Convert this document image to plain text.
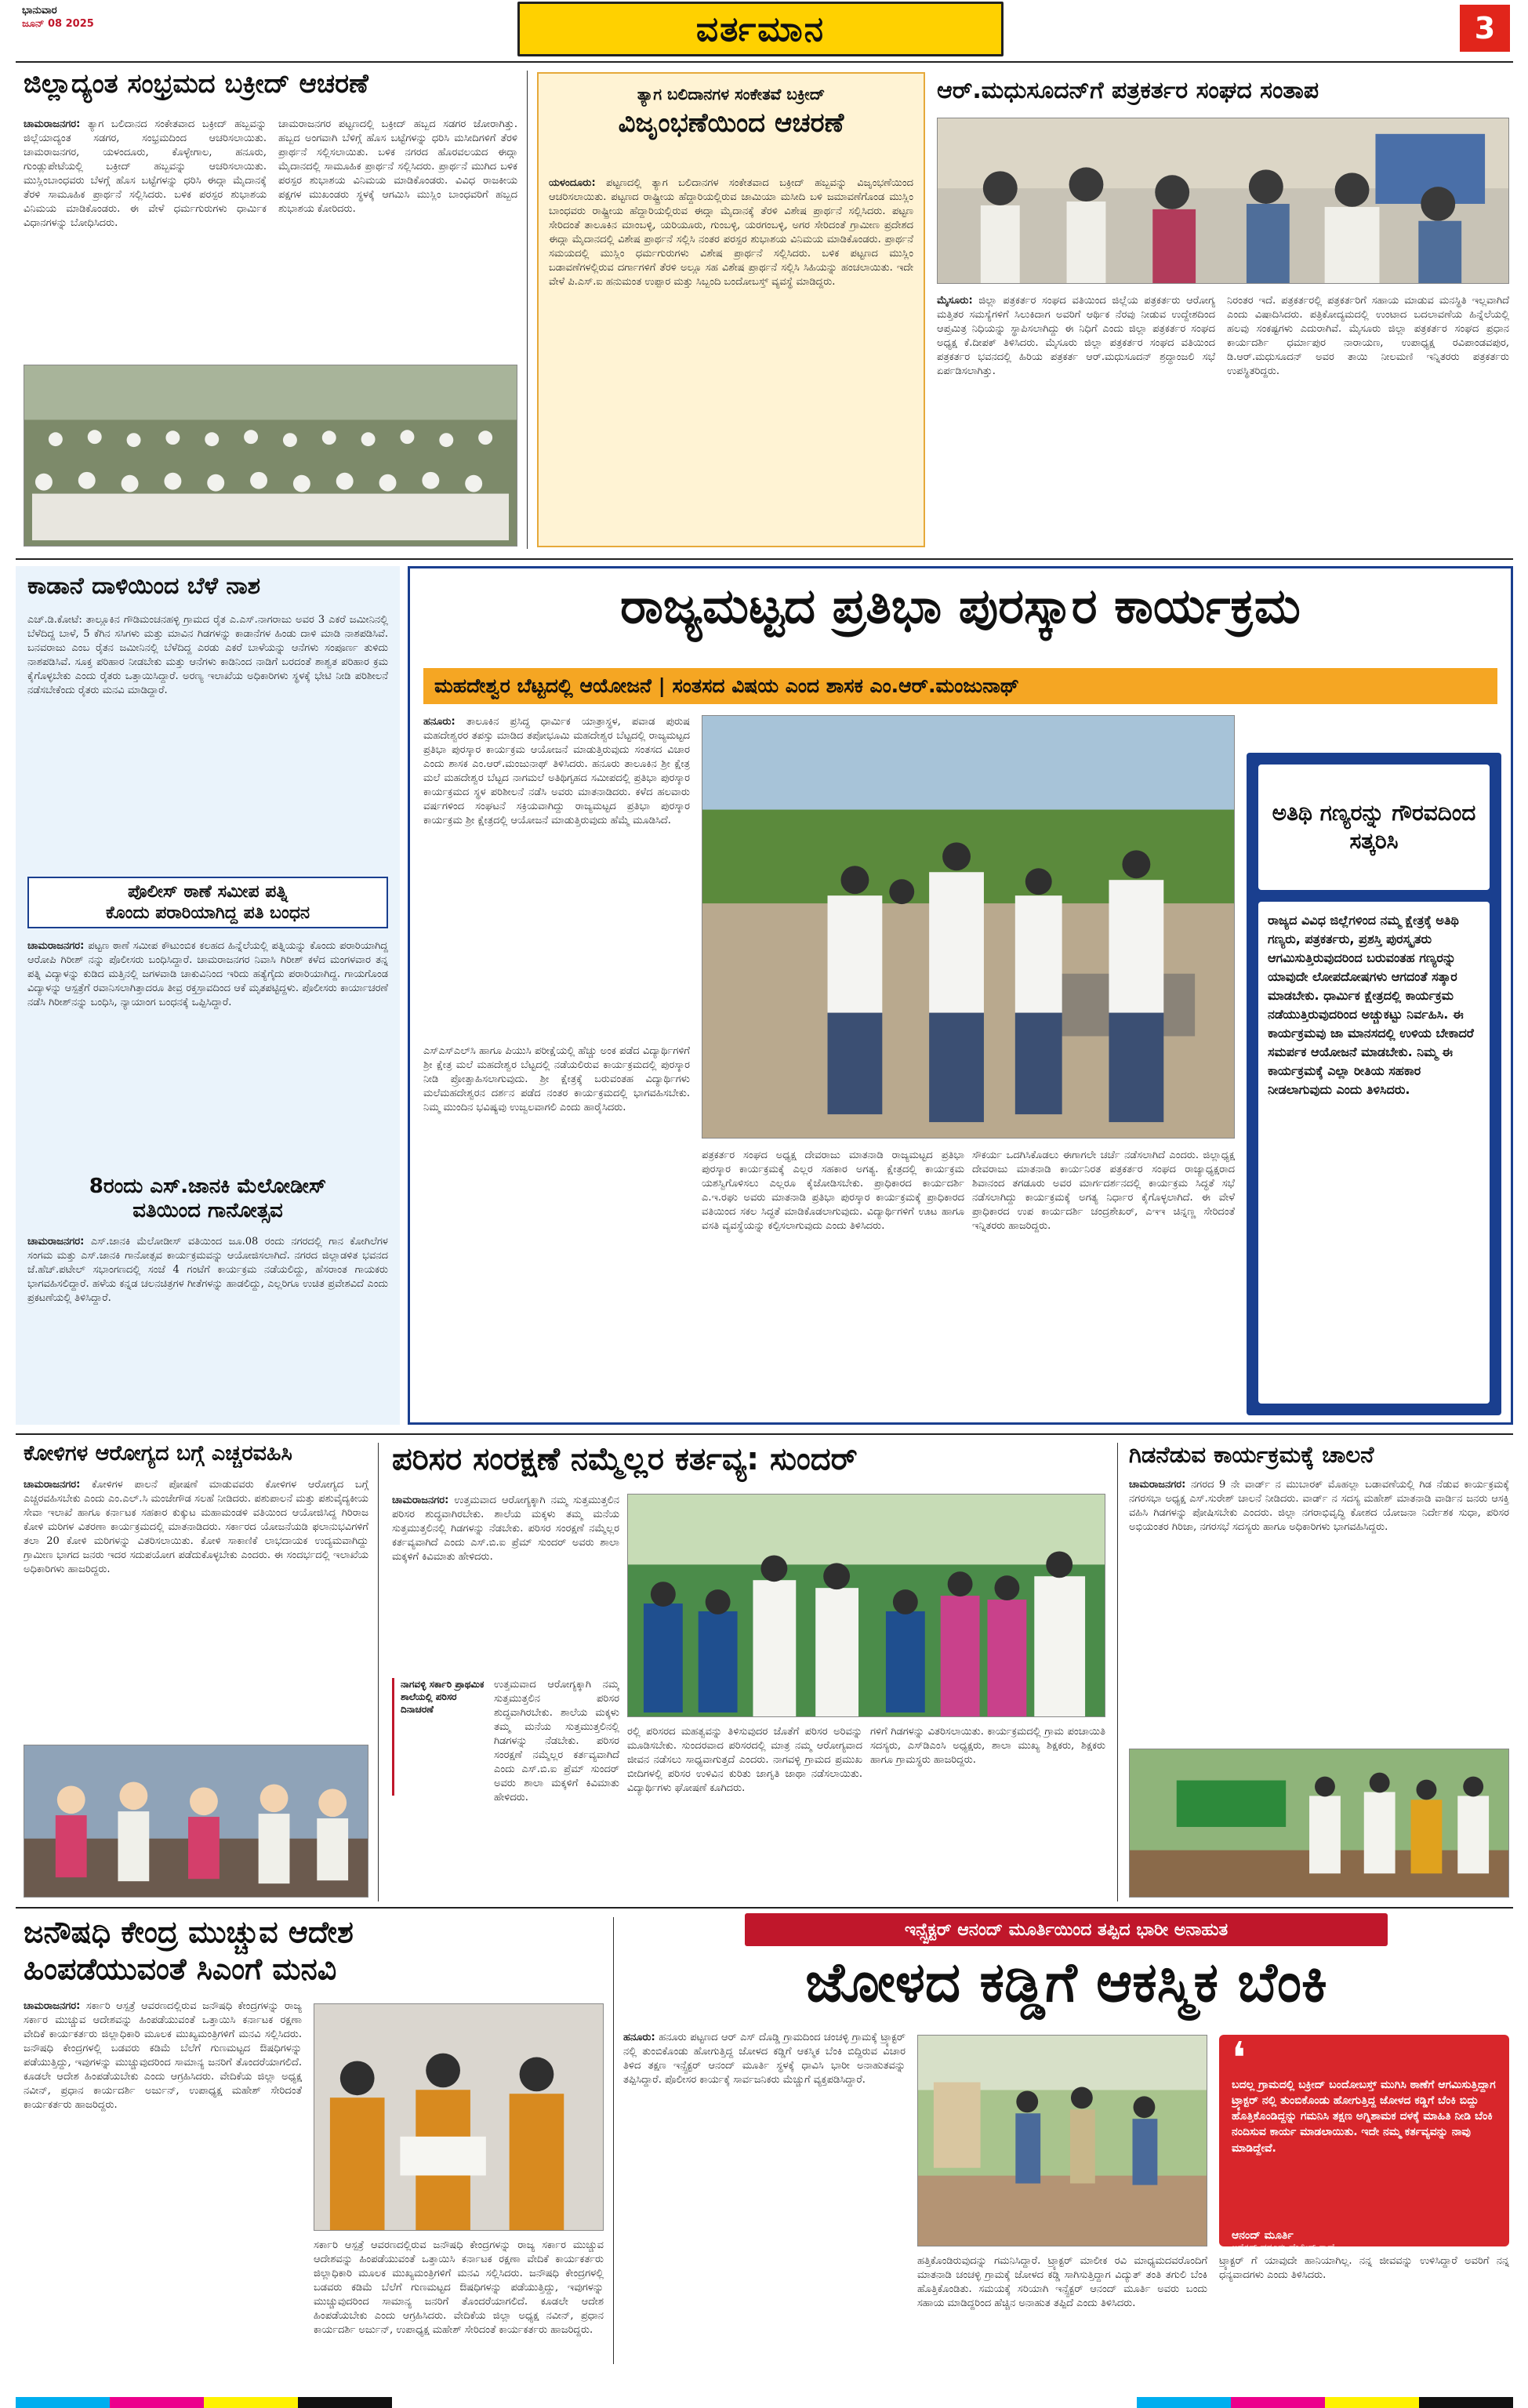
ಭಾನುವಾರ
ಜೂನ್ 08 2025	ವರ್ತಮಾನ	3
ಜಿಲ್ಲಾದ್ಯಂತ ಸಂಭ್ರಮದ ಬಕ್ರೀದ್ ಆಚರಣೆ

ಚಾಮರಾಜನಗರ: ತ್ಯಾಗ ಬಲಿದಾನದ ಸಂಕೇತವಾದ ಬಕ್ರೀದ್ ಹಬ್ಬವನ್ನು ಜಿಲ್ಲೆಯಾದ್ಯಂತ ಸಡಗರ, ಸಂಭ್ರಮದಿಂದ ಆಚರಿಸಲಾಯಿತು. ಚಾಮರಾಜನಗರ, ಯಳಂದೂರು, ಕೊಳ್ಳೇಗಾಲ, ಹನೂರು, ಗುಂಡ್ಲುಪೇಟೆಯಲ್ಲಿ ಬಕ್ರೀದ್ ಹಬ್ಬವನ್ನು ಆಚರಿಸಲಾಯಿತು. ಮುಸ್ಲಿಂಬಾಂಧವರು ಬೆಳಗ್ಗೆ ಹೊಸ ಬಟ್ಟೆಗಳನ್ನು ಧರಿಸಿ ಈದ್ಗಾ ಮೈದಾನಕ್ಕೆ ತೆರಳಿ ಸಾಮೂಹಿಕ ಪ್ರಾರ್ಥನೆ ಸಲ್ಲಿಸಿದರು. ಬಳಿಕ ಪರಸ್ಪರ ಶುಭಾಶಯ ವಿನಿಮಯ ಮಾಡಿಕೊಂಡರು. ಈ ವೇಳೆ ಧರ್ಮಗುರುಗಳು ಧಾರ್ಮಿಕ ವಿಧಾನಗಳನ್ನು ಬೋಧಿಸಿದರು.

ಚಾಮರಾಜನಗರ ಪಟ್ಟಣದಲ್ಲಿ ಬಕ್ರೀದ್ ಹಬ್ಬದ ಸಡಗರ ಜೋರಾಗಿತ್ತು. ಹಬ್ಬದ ಅಂಗವಾಗಿ ಬೆಳಿಗ್ಗೆ ಹೊಸ ಬಟ್ಟೆಗಳನ್ನು ಧರಿಸಿ ಮಸೀದಿಗಳಿಗೆ ತೆರಳಿ ಪ್ರಾರ್ಥನೆ ಸಲ್ಲಿಸಲಾಯಿತು. ಬಳಿಕ ನಗರದ ಹೊರವಲಯದ ಈದ್ಗಾ ಮೈದಾನದಲ್ಲಿ ಸಾಮೂಹಿಕ ಪ್ರಾರ್ಥನೆ ಸಲ್ಲಿಸಿದರು. ಪ್ರಾರ್ಥನೆ ಮುಗಿದ ಬಳಿಕ ಪರಸ್ಪರ ಶುಭಾಶಯ ವಿನಿಮಯ ಮಾಡಿಕೊಂಡರು. ವಿವಿಧ ರಾಜಕೀಯ ಪಕ್ಷಗಳ ಮುಖಂಡರು ಸ್ಥಳಕ್ಕೆ ಆಗಮಿಸಿ ಮುಸ್ಲಿಂ ಬಾಂಧವರಿಗೆ ಹಬ್ಬದ ಶುಭಾಶಯ ಕೋರಿದರು.

ತ್ಯಾಗ ಬಲಿದಾನಗಳ ಸಂಕೇತವೆ ಬಕ್ರೀದ್
ವಿಜೃಂಭಣೆಯಿಂದ ಆಚರಣೆ

ಯಳಂದೂರು: ಪಟ್ಟಣದಲ್ಲಿ ತ್ಯಾಗ ಬಲಿದಾನಗಳ ಸಂಕೇತವಾದ ಬಕ್ರೀದ್ ಹಬ್ಬವನ್ನು ವಿಜೃಂಭಣೆಯಿಂದ ಆಚರಿಸಲಾಯಿತು. ಪಟ್ಟಣದ ರಾಷ್ಟ್ರೀಯ ಹೆದ್ದಾರಿಯಲ್ಲಿರುವ ಜಾಮಿಯಾ ಮಸೀದಿ ಬಳಿ ಜಮಾವಣೆಗೊಂಡ ಮುಸ್ಲಿಂ ಬಾಂಧವರು ರಾಷ್ಟ್ರೀಯ ಹೆದ್ದಾರಿಯಲ್ಲಿರುವ ಈದ್ಗಾ ಮೈದಾನಕ್ಕೆ ತೆರಳಿ ವಿಶೇಷ ಪ್ರಾರ್ಥನೆ ಸಲ್ಲಿಸಿದರು. ಪಟ್ಟಣ ಸೇರಿದಂತೆ ತಾಲೂಕಿನ ಮಾಂಬಳ್ಳಿ, ಯರಿಯೂರು, ಗುಂಬಳ್ಳಿ, ಯರಗಂಬಳ್ಳಿ, ಅಗರ ಸೇರಿದಂತೆ ಗ್ರಾಮೀಣ ಪ್ರದೇಶದ ಈದ್ಗಾ ಮೈದಾನದಲ್ಲಿ ವಿಶೇಷ ಪ್ರಾರ್ಥನೆ ಸಲ್ಲಿಸಿ ನಂತರ ಪರಸ್ಪರ ಶುಭಾಶಯ ವಿನಿಮಯ ಮಾಡಿಕೊಂಡರು. ಪ್ರಾರ್ಥನೆ ಸಮಯದಲ್ಲಿ ಮುಸ್ಲಿಂ ಧರ್ಮಗುರುಗಳು ವಿಶೇಷ ಪ್ರಾರ್ಥನೆ ಸಲ್ಲಿಸಿದರು. ಬಳಿಕ ಪಟ್ಟಣದ ಮುಸ್ಲಿಂ ಬಡಾವಣೆಗಳಲ್ಲಿರುವ ದರ್ಗಾಗಳಿಗೆ ತೆರಳಿ ಅಲ್ಲೂ ಸಹ ವಿಶೇಷ ಪ್ರಾರ್ಥನೆ ಸಲ್ಲಿಸಿ ಸಿಹಿಯನ್ನು ಹಂಚಲಾಯಿತು. ಇದೇ ವೇಳೆ ಪಿ.ಎಸ್.ಐ ಹನುಮಂತ ಉಪ್ಪಾರ ಮತ್ತು ಸಿಬ್ಬಂದಿ ಬಂದೋಬಸ್ತ್ ವ್ಯವಸ್ಥೆ ಮಾಡಿದ್ದರು.

ಆರ್.ಮಧುಸೂದನ್‌ಗೆ ಪತ್ರಕರ್ತರ ಸಂಘದ ಸಂತಾಪ

ಮೈಸೂರು: ಜಿಲ್ಲಾ ಪತ್ರಕರ್ತರ ಸಂಘದ ವತಿಯಿಂದ ಜಿಲ್ಲೆಯ ಪತ್ರಕರ್ತರು ಆರೋಗ್ಯ ಮತ್ತಿತರ ಸಮಸ್ಯೆಗಳಿಗೆ ಸಿಲುಕಿದಾಗ ಅವರಿಗೆ ಆರ್ಥಿಕ ನೆರವು ನೀಡುವ ಉದ್ದೇಶದಿಂದ ಆಪ್ತಮಿತ್ರ ನಿಧಿಯನ್ನು ಸ್ಥಾಪಿಸಲಾಗಿದ್ದು ಈ ನಿಧಿಗೆ ಎಂದು ಜಿಲ್ಲಾ ಪತ್ರಕರ್ತರ ಸಂಘದ ಅಧ್ಯಕ್ಷ ಕೆ.ದೀಪಕ್ ತಿಳಿಸಿದರು. ಮೈಸೂರು ಜಿಲ್ಲಾ ಪತ್ರಕರ್ತರ ಸಂಘದ ವತಿಯಿಂದ ಪತ್ರಕರ್ತರ ಭವನದಲ್ಲಿ ಹಿರಿಯ ಪತ್ರಕರ್ತ ಆರ್.ಮಧುಸೂದನ್ ಶ್ರದ್ಧಾಂಜಲಿ ಸಭೆ ಏರ್ಪಡಿಸಲಾಗಿತ್ತು.

ನಿರಂತರ ಇದೆ. ಪತ್ರಕರ್ತರಲ್ಲಿ ಪತ್ರಕರ್ತರಿಗೆ ಸಹಾಯ ಮಾಡುವ ಮನಸ್ಥಿತಿ ಇಲ್ಲವಾಗಿದೆ ಎಂದು ವಿಷಾದಿಸಿದರು. ಪತ್ರಿಕೋದ್ಯಮದಲ್ಲಿ ಉಂಟಾದ ಬದಲಾವಣೆಯ ಹಿನ್ನೆಲೆಯಲ್ಲಿ ಹಲವು ಸಂಕಷ್ಟಗಳು ಎದುರಾಗಿವೆ. ಮೈಸೂರು ಜಿಲ್ಲಾ ಪತ್ರಕರ್ತರ ಸಂಘದ ಪ್ರಧಾನ ಕಾರ್ಯದರ್ಶಿ ಧರ್ಮಾಪುರ ನಾರಾಯಣ, ಉಪಾಧ್ಯಕ್ಷ ರವಿಪಾಂಡವಪುರ, ಡಿ.ಆರ್.ಮಧುಸೂದನ್ ಅವರ ತಾಯಿ ನೀಲಮಣಿ ಇನ್ನಿತರರು ಪತ್ರಕರ್ತರು ಉಪಸ್ಥಿತರಿದ್ದರು.

ಕಾಡಾನೆ ದಾಳಿಯಿಂದ ಬೆಳೆ ನಾಶ

ಎಚ್.ಡಿ.ಕೋಟೆ: ತಾಲ್ಲೂಕಿನ ಗೌಡಿಮಂಚನಹಳ್ಳಿ ಗ್ರಾಮದ ರೈತ ಎ.ಎಸ್.ನಾಗರಾಜು ಅವರ 3 ಎಕರೆ ಜಮೀನಿನಲ್ಲಿ ಬೆಳೆದಿದ್ದ ಬಾಳೆ, 5 ಕೆಗಿನ ಸಸಿಗಳು ಮತ್ತು ಮಾವಿನ ಗಿಡಗಳನ್ನು ಕಾಡಾನೆಗಳ ಹಿಂಡು ದಾಳಿ ಮಾಡಿ ನಾಶಪಡಿಸಿವೆ. ಬನವರಾಜು ಎಂಬ ರೈತನ ಜಮೀನಿನಲ್ಲಿ ಬೆಳೆದಿದ್ದ ಎರಡು ಎಕರೆ ಬಾಳೆಯನ್ನು ಆನೆಗಳು ಸಂಪೂರ್ಣ ತುಳಿದು ನಾಶಪಡಿಸಿವೆ. ಸೂಕ್ತ ಪರಿಹಾರ ನೀಡಬೇಕು ಮತ್ತು ಆನೆಗಳು ಕಾಡಿನಿಂದ ನಾಡಿಗೆ ಬರದಂತೆ ಶಾಶ್ವತ ಪರಿಹಾರ ಕ್ರಮ ಕೈಗೊಳ್ಳಬೇಕು ಎಂದು ರೈತರು ಒತ್ತಾಯಿಸಿದ್ದಾರೆ. ಅರಣ್ಯ ಇಲಾಖೆಯ ಅಧಿಕಾರಿಗಳು ಸ್ಥಳಕ್ಕೆ ಭೇಟಿ ನೀಡಿ ಪರಿಶೀಲನೆ ನಡೆಸಬೇಕೆಂದು ರೈತರು ಮನವಿ ಮಾಡಿದ್ದಾರೆ.

ಪೊಲೀಸ್ ಠಾಣೆ ಸಮೀಪ ಪತ್ನಿ
ಕೊಂದು ಪರಾರಿಯಾಗಿದ್ದ ಪತಿ ಬಂಧನ

ಚಾಮರಾಜನಗರ: ಪಟ್ಟಣ ಠಾಣೆ ಸಮೀಪ ಕೌಟುಂಬಿಕ ಕಲಹದ ಹಿನ್ನೆಲೆಯಲ್ಲಿ ಪತ್ನಿಯನ್ನು ಕೊಂದು ಪರಾರಿಯಾಗಿದ್ದ ಆರೋಪಿ ಗಿರೀಶ್ ನನ್ನು ಪೊಲೀಸರು ಬಂಧಿಸಿದ್ದಾರೆ. ಚಾಮರಾಜನಗರ ನಿವಾಸಿ ಗಿರೀಶ್ ಕಳೆದ ಮಂಗಳವಾರ ತನ್ನ ಪತ್ನಿ ವಿದ್ಯಾಳನ್ನು ಕುಡಿದ ಮತ್ತಿನಲ್ಲಿ ಜಗಳವಾಡಿ ಚಾಕುವಿನಿಂದ ಇರಿದು ಹತ್ಯೆಗೈದು ಪರಾರಿಯಾಗಿದ್ದ. ಗಾಯಗೊಂಡ ವಿದ್ಯಾಳನ್ನು ಆಸ್ಪತ್ರೆಗೆ ರವಾನಿಸಲಾಗಿತ್ತಾದರೂ ತೀವ್ರ ರಕ್ತಸ್ರಾವದಿಂದ ಆಕೆ ಮೃತಪಟ್ಟಿದ್ದಳು. ಪೊಲೀಸರು ಕಾರ್ಯಾಚರಣೆ ನಡೆಸಿ ಗಿರೀಶ್‌ನನ್ನು ಬಂಧಿಸಿ, ನ್ಯಾಯಾಂಗ ಬಂಧನಕ್ಕೆ ಒಪ್ಪಿಸಿದ್ದಾರೆ.

8ರಂದು ಎಸ್.ಜಾನಕಿ ಮೆಲೋಡೀಸ್
ವತಿಯಿಂದ ಗಾನೋತ್ಸವ

ಚಾಮರಾಜನಗರ: ಎಸ್.ಜಾನಕಿ ಮೆಲೋಡೀಸ್ ವತಿಯಿಂದ ಜೂ.08 ರಂದು ನಗರದಲ್ಲಿ ಗಾನ ಕೋಗಿಲೆಗಳ ಸಂಗಮ ಮತ್ತು ಎಸ್.ಜಾನಕಿ ಗಾನೋತ್ಸವ ಕಾರ್ಯಕ್ರಮವನ್ನು ಆಯೋಜಿಸಲಾಗಿದೆ. ನಗರದ ಜಿಲ್ಲಾಡಳಿತ ಭವನದ ಜೆ.ಹೆಚ್.ಪಟೇಲ್ ಸಭಾಂಗಣದಲ್ಲಿ ಸಂಜೆ 4 ಗಂಟೆಗೆ ಕಾರ್ಯಕ್ರಮ ನಡೆಯಲಿದ್ದು, ಹೆಸರಾಂತ ಗಾಯಕರು ಭಾಗವಹಿಸಲಿದ್ದಾರೆ. ಹಳೆಯ ಕನ್ನಡ ಚಲನಚಿತ್ರಗಳ ಗೀತೆಗಳನ್ನು ಹಾಡಲಿದ್ದು, ಎಲ್ಲರಿಗೂ ಉಚಿತ ಪ್ರವೇಶವಿದೆ ಎಂದು ಪ್ರಕಟಣೆಯಲ್ಲಿ ತಿಳಿಸಿದ್ದಾರೆ.

ರಾಜ್ಯಮಟ್ಟದ ಪ್ರತಿಭಾ ಪುರಸ್ಕಾರ ಕಾರ್ಯಕ್ರಮ
ಮಹದೇಶ್ವರ ಬೆಟ್ಟದಲ್ಲಿ ಆಯೋಜನೆ | ಸಂತಸದ ವಿಷಯ ಎಂದ ಶಾಸಕ ಎಂ.ಆರ್.ಮಂಜುನಾಥ್

ಹನೂರು: ತಾಲೂಕಿನ ಪ್ರಸಿದ್ಧ ಧಾರ್ಮಿಕ ಯಾತ್ರಾಸ್ಥಳ, ಪವಾಡ ಪುರುಷ ಮಹದೇಶ್ವರರ ತಪಸ್ಸು ಮಾಡಿದ ತಪೋಭೂಮಿ ಮಹದೇಶ್ವರ ಬೆಟ್ಟದಲ್ಲಿ ರಾಜ್ಯಮಟ್ಟದ ಪ್ರತಿಭಾ ಪುರಸ್ಕಾರ ಕಾರ್ಯಕ್ರಮ ಆಯೋಜನೆ ಮಾಡುತ್ತಿರುವುದು ಸಂತಸದ ವಿಚಾರ ಎಂದು ಶಾಸಕ ಎಂ.ಆರ್.ಮಂಜುನಾಥ್ ತಿಳಿಸಿದರು. ಹನೂರು ತಾಲೂಕಿನ ಶ್ರೀ ಕ್ಷೇತ್ರ ಮಲೆ ಮಹದೇಶ್ವರ ಬೆಟ್ಟದ ನಾಗಮಲೆ ಅತಿಥಿಗೃಹದ ಸಮೀಪದಲ್ಲಿ ಪ್ರತಿಭಾ ಪುರಸ್ಕಾರ ಕಾರ್ಯಕ್ರಮದ ಸ್ಥಳ ಪರಿಶೀಲನೆ ನಡೆಸಿ ಅವರು ಮಾತನಾಡಿದರು. ಕಳೆದ ಹಲವಾರು ವರ್ಷಗಳಿಂದ ಸಂಘಟನೆ ಸಕ್ರಿಯವಾಗಿದ್ದು ರಾಜ್ಯಮಟ್ಟದ ಪ್ರತಿಭಾ ಪುರಸ್ಕಾರ ಕಾರ್ಯಕ್ರಮ ಶ್ರೀ ಕ್ಷೇತ್ರದಲ್ಲಿ ಆಯೋಜನೆ ಮಾಡುತ್ತಿರುವುದು ಹೆಮ್ಮೆ ಮೂಡಿಸಿದೆ.

ಎಸ್‌ಎಸ್‌ಎಲ್‌ಸಿ ಹಾಗೂ ಪಿಯುಸಿ ಪರೀಕ್ಷೆಯಲ್ಲಿ ಹೆಚ್ಚು ಅಂಕ ಪಡೆದ ವಿದ್ಯಾರ್ಥಿಗಳಿಗೆ ಶ್ರೀ ಕ್ಷೇತ್ರ ಮಲೆ ಮಹದೇಶ್ವರ ಬೆಟ್ಟದಲ್ಲಿ ನಡೆಯಲಿರುವ ಕಾರ್ಯಕ್ರಮದಲ್ಲಿ ಪುರಸ್ಕಾರ ನೀಡಿ ಪ್ರೋತ್ಸಾಹಿಸಲಾಗುವುದು. ಶ್ರೀ ಕ್ಷೇತ್ರಕ್ಕೆ ಬರುವಂತಹ ವಿದ್ಯಾರ್ಥಿಗಳು ಮಲೆಮಹದೇಶ್ವರನ ದರ್ಶನ ಪಡೆದ ನಂತರ ಕಾರ್ಯಕ್ರಮದಲ್ಲಿ ಭಾಗವಹಿಸಬೇಕು. ನಿಮ್ಮ ಮುಂದಿನ ಭವಿಷ್ಯವು ಉಜ್ವಲವಾಗಲಿ ಎಂದು ಹಾರೈಸಿದರು.

ಪತ್ರಕರ್ತರ ಸಂಘದ ಅಧ್ಯಕ್ಷ ದೇವರಾಜು ಮಾತನಾಡಿ ರಾಜ್ಯಮಟ್ಟದ ಪ್ರತಿಭಾ ಪುರಸ್ಕಾರ ಕಾರ್ಯಕ್ರಮಕ್ಕೆ ಎಲ್ಲರ ಸಹಕಾರ ಅಗತ್ಯ. ಕ್ಷೇತ್ರದಲ್ಲಿ ಕಾರ್ಯಕ್ರಮ ಯಶಸ್ವಿಗೊಳಿಸಲು ಎಲ್ಲರೂ ಕೈಜೋಡಿಸಬೇಕು. ಪ್ರಾಧಿಕಾರದ ಕಾರ್ಯದರ್ಶಿ ಎ.ಇ.ರಘು ಅವರು ಮಾತನಾಡಿ ಪ್ರತಿಭಾ ಪುರಸ್ಕಾರ ಕಾರ್ಯಕ್ರಮಕ್ಕೆ ಪ್ರಾಧಿಕಾರದ ವತಿಯಿಂದ ಸಕಲ ಸಿದ್ಧತೆ ಮಾಡಿಕೊಡಲಾಗುವುದು. ವಿದ್ಯಾರ್ಥಿಗಳಿಗೆ ಊಟ ಹಾಗೂ ವಸತಿ ವ್ಯವಸ್ಥೆಯನ್ನು ಕಲ್ಪಿಸಲಾಗುವುದು ಎಂದು ತಿಳಿಸಿದರು.

ಸೌಕರ್ಯ ಒದಗಿಸಿಕೊಡಲು ಈಗಾಗಲೇ ಚರ್ಚೆ ನಡೆಸಲಾಗಿದೆ ಎಂದರು. ಜಿಲ್ಲಾಧ್ಯಕ್ಷ ದೇವರಾಜು ಮಾತನಾಡಿ ಕಾರ್ಯನಿರತ ಪತ್ರಕರ್ತರ ಸಂಘದ ರಾಜ್ಯಾಧ್ಯಕ್ಷರಾದ ಶಿವಾನಂದ ತಗಡೂರು ಅವರ ಮಾರ್ಗದರ್ಶನದಲ್ಲಿ ಕಾರ್ಯಕ್ರಮ ಸಿದ್ಧತೆ ಸಭೆ ನಡೆಸಲಾಗಿದ್ದು ಕಾರ್ಯಕ್ರಮಕ್ಕೆ ಅಗತ್ಯ ನಿರ್ಧಾರ ಕೈಗೊಳ್ಳಲಾಗಿದೆ. ಈ ವೇಳೆ ಪ್ರಾಧಿಕಾರದ ಉಪ ಕಾರ್ಯದರ್ಶಿ ಚಂದ್ರಶೇಖರ್, ಎಇಇ ಚಿನ್ನಣ್ಣ ಸೇರಿದಂತೆ ಇನ್ನಿತರರು ಹಾಜರಿದ್ದರು.

ಅತಿಥಿ ಗಣ್ಯರನ್ನು ಗೌರವದಿಂದ ಸತ್ಕರಿಸಿ
ರಾಜ್ಯದ ವಿವಿಧ ಜಿಲ್ಲೆಗಳಿಂದ ನಮ್ಮ ಕ್ಷೇತ್ರಕ್ಕೆ ಅತಿಥಿ ಗಣ್ಯರು, ಪತ್ರಕರ್ತರು, ಪ್ರಶಸ್ತಿ ಪುರಸ್ಕೃತರು ಆಗಮಿಸುತ್ತಿರುವುದರಿಂದ ಬರುವಂತಹ ಗಣ್ಯರನ್ನು ಯಾವುದೇ ಲೋಪದೋಷಗಳು ಆಗದಂತೆ ಸತ್ಕಾರ ಮಾಡಬೇಕು. ಧಾರ್ಮಿಕ ಕ್ಷೇತ್ರದಲ್ಲಿ ಕಾರ್ಯಕ್ರಮ ನಡೆಯುತ್ತಿರುವುದರಿಂದ ಅಚ್ಚುಕಟ್ಟು ನಿರ್ವಹಿಸಿ. ಈ ಕಾರ್ಯಕ್ರಮವು ಜಾ ಮಾನಸದಲ್ಲಿ ಉಳಿಯ ಬೇಕಾದರೆ ಸಮರ್ಪಕ ಆಯೋಜನೆ ಮಾಡಬೇಕು. ನಿಮ್ಮ ಈ ಕಾರ್ಯಕ್ರಮಕ್ಕೆ ಎಲ್ಲಾ ರೀತಿಯ ಸಹಕಾರ ನೀಡಲಾಗುವುದು ಎಂದು ತಿಳಿಸಿದರು.
ಕೋಳಿಗಳ ಆರೋಗ್ಯದ ಬಗ್ಗೆ ಎಚ್ಚರವಹಿಸಿ

ಚಾಮರಾಜನಗರ: ಕೋಳಿಗಳ ಪಾಲನೆ ಪೋಷಣೆ ಮಾಡುವವರು ಕೋಳಿಗಳ ಆರೋಗ್ಯದ ಬಗ್ಗೆ ಎಚ್ಚರವಹಿಸಬೇಕು ಎಂದು ಎಂ.ಎಲ್.ಸಿ ಮಂಜೇಗೌಡ ಸಲಹೆ ನೀಡಿದರು. ಪಶುಪಾಲನೆ ಮತ್ತು ಪಶುವೈದ್ಯಕೀಯ ಸೇವಾ ಇಲಾಖೆ ಹಾಗೂ ಕರ್ನಾಟಕ ಸಹಕಾರ ಕುಕ್ಕುಟ ಮಹಾಮಂಡಳಿ ವತಿಯಿಂದ ಆಯೋಜಿಸಿದ್ದ ಗಿರಿರಾಜ ಕೋಳಿ ಮರಿಗಳ ವಿತರಣಾ ಕಾರ್ಯಕ್ರಮದಲ್ಲಿ ಮಾತನಾಡಿದರು. ಸರ್ಕಾರದ ಯೋಜನೆಯಡಿ ಫಲಾನುಭವಿಗಳಿಗೆ ತಲಾ 20 ಕೋಳಿ ಮರಿಗಳನ್ನು ವಿತರಿಸಲಾಯಿತು. ಕೋಳಿ ಸಾಕಾಣಿಕೆ ಲಾಭದಾಯಕ ಉದ್ಯಮವಾಗಿದ್ದು ಗ್ರಾಮೀಣ ಭಾಗದ ಜನರು ಇದರ ಸದುಪಯೋಗ ಪಡೆದುಕೊಳ್ಳಬೇಕು ಎಂದರು. ಈ ಸಂದರ್ಭದಲ್ಲಿ ಇಲಾಖೆಯ ಅಧಿಕಾರಿಗಳು ಹಾಜರಿದ್ದರು.

ಪರಿಸರ ಸಂರಕ್ಷಣೆ ನಮ್ಮೆಲ್ಲರ ಕರ್ತವ್ಯ: ಸುಂದರ್

ಚಾಮರಾಜನಗರ: ಉತ್ತಮವಾದ ಆರೋಗ್ಯಕ್ಕಾಗಿ ನಮ್ಮ ಸುತ್ತಮುತ್ತಲಿನ ಪರಿಸರ ಶುದ್ಧವಾಗಿರಬೇಕು. ಶಾಲೆಯ ಮಕ್ಕಳು ತಮ್ಮ ಮನೆಯ ಸುತ್ತಮುತ್ತಲಿನಲ್ಲಿ ಗಿಡಗಳನ್ನು ನೆಡಬೇಕು. ಪರಿಸರ ಸಂರಕ್ಷಣೆ ನಮ್ಮೆಲ್ಲರ ಕರ್ತವ್ಯವಾಗಿದೆ ಎಂದು ಎಸ್.ಬಿ.ಐ ಪ್ರೆಮ್ ಸುಂದರ್ ಅವರು ಶಾಲಾ ಮಕ್ಕಳಿಗೆ ಕಿವಿಮಾತು ಹೇಳಿದರು.

ನಾಗವಳ್ಳಿ ಸರ್ಕಾರಿ ಪ್ರಾಥಮಿಕ ಶಾಲೆಯಲ್ಲಿ ಪರಿಸರ ದಿನಾಚರಣೆ

ಉತ್ತಮವಾದ ಆರೋಗ್ಯಕ್ಕಾಗಿ ನಮ್ಮ ಸುತ್ತಮುತ್ತಲಿನ ಪರಿಸರ ಶುದ್ಧವಾಗಿರಬೇಕು. ಶಾಲೆಯ ಮಕ್ಕಳು ತಮ್ಮ ಮನೆಯ ಸುತ್ತಮುತ್ತಲಿನಲ್ಲಿ ಗಿಡಗಳನ್ನು ನೆಡಬೇಕು. ಪರಿಸರ ಸಂರಕ್ಷಣೆ ನಮ್ಮೆಲ್ಲರ ಕರ್ತವ್ಯವಾಗಿದೆ ಎಂದು ಎಸ್.ಬಿ.ಐ ಪ್ರೆಮ್ ಸುಂದರ್ ಅವರು ಶಾಲಾ ಮಕ್ಕಳಿಗೆ ಕಿವಿಮಾತು ಹೇಳಿದರು.

ರಲ್ಲಿ ಪರಿಸರದ ಮಹತ್ವವನ್ನು ತಿಳಿಸುವುದರ ಜೊತೆಗೆ ಪರಿಸರ ಅರಿವನ್ನು ಮೂಡಿಸಬೇಕು. ಸುಂದರವಾದ ಪರಿಸರದಲ್ಲಿ ಮಾತ್ರ ನಮ್ಮ ಆರೋಗ್ಯವಾದ ಜೀವನ ನಡೆಸಲು ಸಾಧ್ಯವಾಗುತ್ತದೆ ಎಂದರು. ನಾಗವಳ್ಳಿ ಗ್ರಾಮದ ಪ್ರಮುಖ ಬೀದಿಗಳಲ್ಲಿ ಪರಿಸರ ಉಳಿವಿನ ಕುರಿತು ಜಾಗೃತಿ ಜಾಥಾ ನಡೆಸಲಾಯಿತು. ವಿದ್ಯಾರ್ಥಿಗಳು ಘೋಷಣೆ ಕೂಗಿದರು.

ಗಳಿಗೆ ಗಿಡಗಳನ್ನು ವಿತರಿಸಲಾಯಿತು. ಕಾರ್ಯಕ್ರಮದಲ್ಲಿ ಗ್ರಾಮ ಪಂಚಾಯಿತಿ ಸದಸ್ಯರು, ಎಸ್‌ಡಿಎಂಸಿ ಅಧ್ಯಕ್ಷರು, ಶಾಲಾ ಮುಖ್ಯ ಶಿಕ್ಷಕರು, ಶಿಕ್ಷಕರು ಹಾಗೂ ಗ್ರಾಮಸ್ಥರು ಹಾಜರಿದ್ದರು.

ಗಿಡನೆಡುವ ಕಾರ್ಯಕ್ರಮಕ್ಕೆ ಚಾಲನೆ

ಚಾಮರಾಜನಗರ: ನಗರದ 9 ನೇ ವಾರ್ಡ್ ನ ಮುಬಾರಕ್ ಮೊಹಲ್ಲಾ ಬಡಾವಣೆಯಲ್ಲಿ ಗಿಡ ನೆಡುವ ಕಾರ್ಯಕ್ರಮಕ್ಕೆ ನಗರಸಭಾ ಅಧ್ಯಕ್ಷ ಎಸ್.ಸುರೇಶ್ ಚಾಲನೆ ನೀಡಿದರು. ವಾರ್ಡ್ ನ ಸದಸ್ಯ ಮಹೇಶ್ ಮಾತನಾಡಿ ವಾರ್ಡಿನ ಜನರು ಆಸಕ್ತಿ ವಹಿಸಿ ಗಿಡಗಳನ್ನು ಪೋಷಿಸಬೇಕು ಎಂದರು. ಜಿಲ್ಲಾ ನಗರಾಭಿವೃದ್ಧಿ ಕೋಶದ ಯೋಜನಾ ನಿರ್ದೇಶಕ ಸುಧಾ, ಪರಿಸರ ಅಭಿಯಂತರ ಗಿರಿಜಾ, ನಗರಸಭೆ ಸದಸ್ಯರು ಹಾಗೂ ಅಧಿಕಾರಿಗಳು ಭಾಗವಹಿಸಿದ್ದರು.

ಜನೌಷಧಿ ಕೇಂದ್ರ ಮುಚ್ಚುವ ಆದೇಶ
ಹಿಂಪಡೆಯುವಂತೆ ಸಿಎಂಗೆ ಮನವಿ

ಚಾಮರಾಜನಗರ: ಸರ್ಕಾರಿ ಆಸ್ಪತ್ರೆ ಆವರಣದಲ್ಲಿರುವ ಜನೌಷಧಿ ಕೇಂದ್ರಗಳನ್ನು ರಾಜ್ಯ ಸರ್ಕಾರ ಮುಚ್ಚುವ ಆದೇಶವನ್ನು ಹಿಂಪಡೆಯುವಂತೆ ಒತ್ತಾಯಿಸಿ ಕರ್ನಾಟಕ ರಕ್ಷಣಾ ವೇದಿಕೆ ಕಾರ್ಯಕರ್ತರು ಜಿಲ್ಲಾಧಿಕಾರಿ ಮೂಲಕ ಮುಖ್ಯಮಂತ್ರಿಗಳಿಗೆ ಮನವಿ ಸಲ್ಲಿಸಿದರು. ಜನೌಷಧಿ ಕೇಂದ್ರಗಳಲ್ಲಿ ಬಡವರು ಕಡಿಮೆ ಬೆಲೆಗೆ ಗುಣಮಟ್ಟದ ಔಷಧಿಗಳನ್ನು ಪಡೆಯುತ್ತಿದ್ದು, ಇವುಗಳನ್ನು ಮುಚ್ಚುವುದರಿಂದ ಸಾಮಾನ್ಯ ಜನರಿಗೆ ತೊಂದರೆಯಾಗಲಿದೆ. ಕೂಡಲೇ ಆದೇಶ ಹಿಂಪಡೆಯಬೇಕು ಎಂದು ಆಗ್ರಹಿಸಿದರು. ವೇದಿಕೆಯ ಜಿಲ್ಲಾ ಅಧ್ಯಕ್ಷ ನವೀನ್, ಪ್ರಧಾನ ಕಾರ್ಯದರ್ಶಿ ಅರ್ಜುನ್, ಉಪಾಧ್ಯಕ್ಷ ಮಹೇಶ್ ಸೇರಿದಂತೆ ಕಾರ್ಯಕರ್ತರು ಹಾಜರಿದ್ದರು.

ಸರ್ಕಾರಿ ಆಸ್ಪತ್ರೆ ಆವರಣದಲ್ಲಿರುವ ಜನೌಷಧಿ ಕೇಂದ್ರಗಳನ್ನು ರಾಜ್ಯ ಸರ್ಕಾರ ಮುಚ್ಚುವ ಆದೇಶವನ್ನು ಹಿಂಪಡೆಯುವಂತೆ ಒತ್ತಾಯಿಸಿ ಕರ್ನಾಟಕ ರಕ್ಷಣಾ ವೇದಿಕೆ ಕಾರ್ಯಕರ್ತರು ಜಿಲ್ಲಾಧಿಕಾರಿ ಮೂಲಕ ಮುಖ್ಯಮಂತ್ರಿಗಳಿಗೆ ಮನವಿ ಸಲ್ಲಿಸಿದರು. ಜನೌಷಧಿ ಕೇಂದ್ರಗಳಲ್ಲಿ ಬಡವರು ಕಡಿಮೆ ಬೆಲೆಗೆ ಗುಣಮಟ್ಟದ ಔಷಧಿಗಳನ್ನು ಪಡೆಯುತ್ತಿದ್ದು, ಇವುಗಳನ್ನು ಮುಚ್ಚುವುದರಿಂದ ಸಾಮಾನ್ಯ ಜನರಿಗೆ ತೊಂದರೆಯಾಗಲಿದೆ. ಕೂಡಲೇ ಆದೇಶ ಹಿಂಪಡೆಯಬೇಕು ಎಂದು ಆಗ್ರಹಿಸಿದರು. ವೇದಿಕೆಯ ಜಿಲ್ಲಾ ಅಧ್ಯಕ್ಷ ನವೀನ್, ಪ್ರಧಾನ ಕಾರ್ಯದರ್ಶಿ ಅರ್ಜುನ್, ಉಪಾಧ್ಯಕ್ಷ ಮಹೇಶ್ ಸೇರಿದಂತೆ ಕಾರ್ಯಕರ್ತರು ಹಾಜರಿದ್ದರು.

ಇನ್ಸ್ಪೆಕ್ಟರ್ ಆನಂದ್ ಮೂರ್ತಿಯಿಂದ ತಪ್ಪಿದ ಭಾರೀ ಅನಾಹುತ
ಜೋಳದ ಕಡ್ಡಿಗೆ ಆಕಸ್ಮಿಕ ಬೆಂಕಿ

ಹನೂರು: ಹನೂರು ಪಟ್ಟಣದ ಆರ್ ಎಸ್ ದೊಡ್ಡಿ ಗ್ರಾಮದಿಂದ ಚಂಚಳ್ಳಿ ಗ್ರಾಮಕ್ಕೆ ಟ್ರ್ಯಾಕ್ಟರ್ ನಲ್ಲಿ ತುಂಬಿಕೊಂಡು ಹೋಗುತ್ತಿದ್ದ ಜೋಳದ ಕಡ್ಡಿಗೆ ಆಕಸ್ಮಿಕ ಬೆಂಕಿ ಬಿದ್ದಿರುವ ವಿಚಾರ ತಿಳಿದ ತಕ್ಷಣ ಇನ್ಸ್ಪೆಕ್ಟರ್ ಆನಂದ್ ಮೂರ್ತಿ ಸ್ಥಳಕ್ಕೆ ಧಾವಿಸಿ ಭಾರೀ ಅನಾಹುತವನ್ನು ತಪ್ಪಿಸಿದ್ದಾರೆ. ಪೊಲೀಸರ ಕಾರ್ಯಕ್ಕೆ ಸಾರ್ವಜನಿಕರು ಮೆಚ್ಚುಗೆ ವ್ಯಕ್ತಪಡಿಸಿದ್ದಾರೆ.

ಹತ್ತಿಕೊಂಡಿರುವುದನ್ನು ಗಮನಿಸಿದ್ದಾರೆ. ಟ್ರ್ಯಾಕ್ಟರ್ ಮಾಲೀಕ ರವಿ ಮಾಧ್ಯಮದವರೊಂದಿಗೆ ಮಾತನಾಡಿ ಚಂಚಳ್ಳಿ ಗ್ರಾಮಕ್ಕೆ ಜೋಳದ ಕಡ್ಡಿ ಸಾಗಿಸುತ್ತಿದ್ದಾಗ ವಿದ್ಯುತ್ ತಂತಿ ತಗುಲಿ ಬೆಂಕಿ ಹೊತ್ತಿಕೊಂಡಿತು. ಸಮಯಕ್ಕೆ ಸರಿಯಾಗಿ ಇನ್ಸ್ಪೆಕ್ಟರ್ ಆನಂದ್ ಮೂರ್ತಿ ಅವರು ಬಂದು ಸಹಾಯ ಮಾಡಿದ್ದರಿಂದ ಹೆಚ್ಚಿನ ಅನಾಹುತ ತಪ್ಪಿದೆ ಎಂದು ತಿಳಿಸಿದರು.

❛
ಬದಲ್ಲ ಗ್ರಾಮದಲ್ಲಿ ಬಕ್ರೀದ್ ಬಂದೋಬಸ್ತ್ ಮುಗಿಸಿ ಠಾಣೆಗೆ ಆಗಮಿಸುತ್ತಿದ್ದಾಗ ಟ್ರ್ಯಾಕ್ಟರ್ ನಲ್ಲಿ ತುಂಬಿಕೊಂಡು ಹೋಗುತ್ತಿದ್ದ ಜೋಳದ ಕಡ್ಡಿಗೆ ಬೆಂಕಿ ಬಿದ್ದು ಹೊತ್ತಿಕೊಂಡಿದ್ದನ್ನು ಗಮನಿಸಿ ತಕ್ಷಣ ಅಗ್ನಿಶಾಮಕ ದಳಕ್ಕೆ ಮಾಹಿತಿ ನೀಡಿ ಬೆಂಕಿ ನಂದಿಸುವ ಕಾರ್ಯ ಮಾಡಲಾಯಿತು. ಇದೇ ನಮ್ಮ ಕರ್ತವ್ಯವನ್ನು ನಾವು ಮಾಡಿದ್ದೇವೆ.
ಆನಂದ್ ಮೂರ್ತಿ
ಇನ್ಸ್ಪೆಕ್ಟರ್ ಹನೂರು ಪೊಲೀಸ್ ಠಾಣೆ

ಟ್ರ್ಯಾಕ್ಟರ್ ಗೆ ಯಾವುದೇ ಹಾನಿಯಾಗಿಲ್ಲ. ನನ್ನ ಜೀವವನ್ನು ಉಳಿಸಿದ್ದಾರೆ ಅವರಿಗೆ ನನ್ನ ಧನ್ಯವಾದಗಳು ಎಂದು ತಿಳಿಸಿದರು.
